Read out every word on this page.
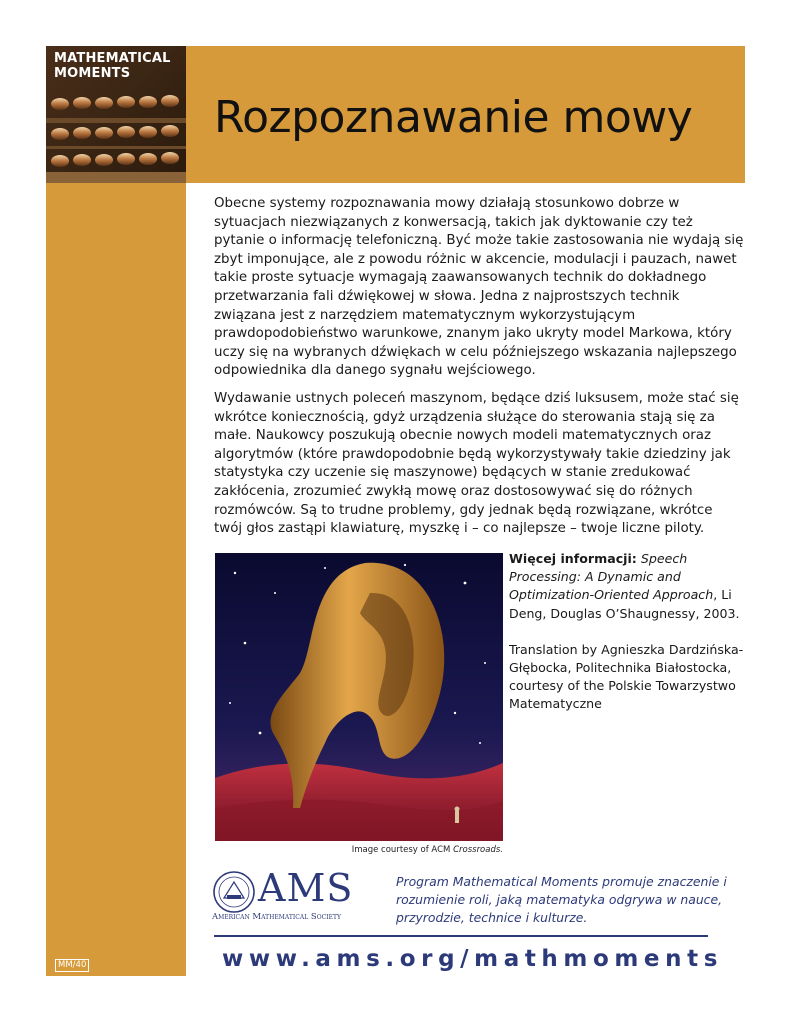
MATHEMATICAL
MOMENTS
Rozpoznawanie mowy

Obecne systemy rozpoznawania mowy działają stosunkowo dobrze w sytuacjach niezwiązanych z konwersacją, takich jak dyktowanie czy też pytanie o informację telefoniczną. Być może takie zastosowania nie wydają się zbyt imponujące, ale z powodu różnic w akcencie, modulacji i pauzach, nawet takie proste sytuacje wymagają zaawansowanych technik do dokładnego przetwarzania fali dźwiękowej w słowa. Jedna z najprostszych technik związana jest z narzędziem matematycznym wykorzystującym prawdopodobieństwo warunkowe, znanym jako ukryty model Markowa, który uczy się na wybranych dźwiękach w celu późniejszego wskazania najlepszego odpowiednika dla danego sygnału wejściowego.

Wydawanie ustnych poleceń maszynom, będące dziś luksusem, może stać się wkrótce koniecznością, gdyż urządzenia służące do sterowania stają się za małe. Naukowcy poszukują obecnie nowych modeli matematycznych oraz algorytmów (które prawdopodobnie będą wykorzystywały takie dziedziny jak statystyka czy uczenie się maszynowe) będących w stanie zredukować zakłócenia, zrozumieć zwykłą mowę oraz dostosowywać się do różnych rozmówców. Są to trudne problemy, gdy jednak będą rozwiązane, wkrótce twój głos zastąpi klawiaturę, myszkę i – co najlepsze – twoje liczne piloty.

Image courtesy of ACM Crossroads.

Więcej informacji: Speech Processing: A Dynamic and Optimization-Oriented Approach, Li Deng, Douglas O’Shaugnessy, 2003.

Translation by Agnieszka Dardzińska-Głębocka, Politechnika Białostocka, courtesy of the Polskie Towarzystwo Matematyczne

AMS
American Mathematical Society
Program Mathematical Moments promuje znaczenie i rozumienie roli, jaką matematyka odgrywa w nauce, przyrodzie, technice i kulturze.
www.ams.org/mathmoments
MM/40
